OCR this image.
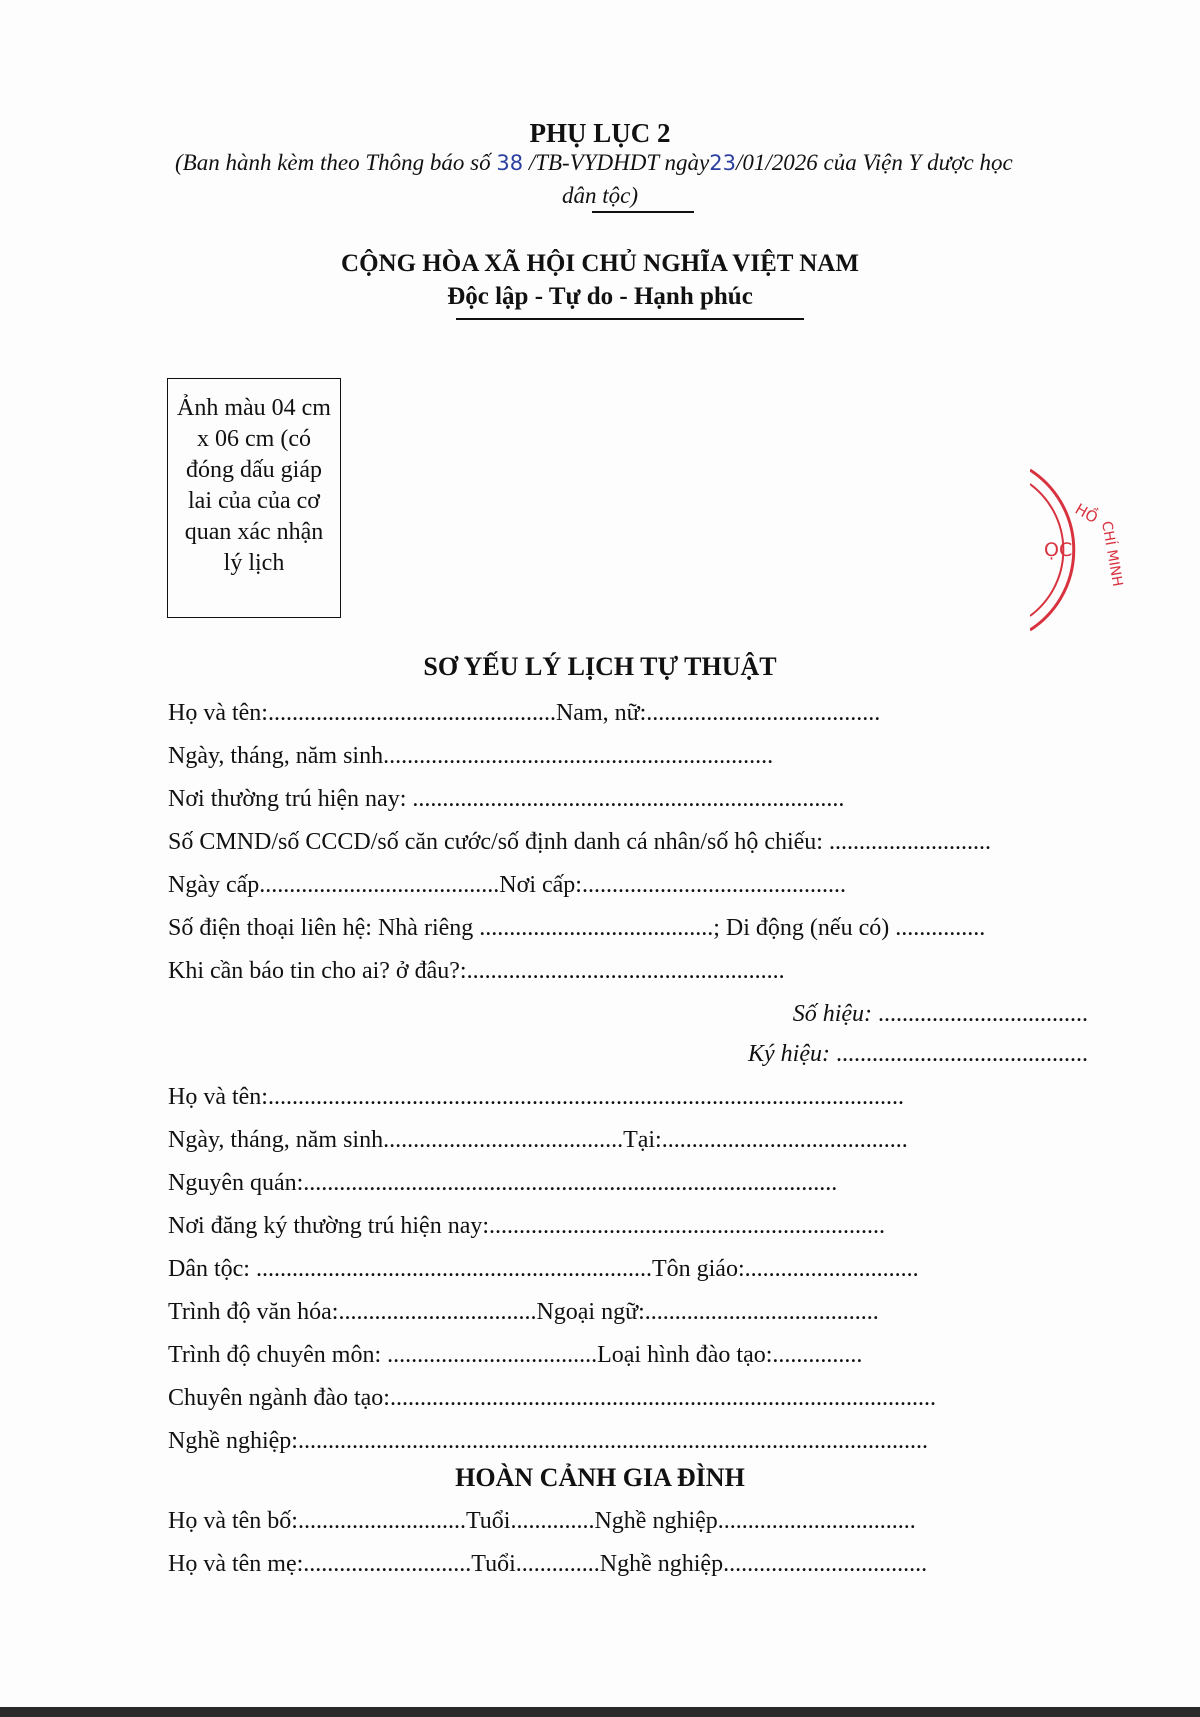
PHỤ LỤC 2
(Ban hành kèm theo Thông báo số 38 /TB-VYDHDT ngày23/01/2026 của Viện Y dược học
dân tộc)
CỘNG HÒA XÃ HỘI CHỦ NGHĨA VIỆT NAM
Độc lập - Tự do - Hạnh phúc
Ảnh màu 04 cm x 06 cm (có đóng dấu giáp lai của của cơ quan xác nhận lý lịch
HỒ
ỌC CHÍ MINH
SƠ YẾU LÝ LỊCH TỰ THUẬT
Họ và tên:................................................Nam, nữ:.......................................
Ngày, tháng, năm sinh.................................................................
Nơi thường trú hiện nay: ........................................................................
Số CMND/số CCCD/số căn cước/số định danh cá nhân/số hộ chiếu: ...........................
Ngày cấp........................................Nơi cấp:............................................
Số điện thoại liên hệ: Nhà riêng .......................................; Di động (nếu có) ...............
Khi cần báo tin cho ai? ở đâu?:.....................................................
Số hiệu: ...................................
Ký hiệu: ..........................................
Họ và tên:..........................................................................................................
Ngày, tháng, năm sinh........................................Tại:.........................................
Nguyên quán:.........................................................................................
Nơi đăng ký thường trú hiện nay:..................................................................
Dân tộc: ..................................................................Tôn giáo:.............................
Trình độ văn hóa:.................................Ngoại ngữ:.......................................
Trình độ chuyên môn: ...................................Loại hình đào tạo:...............
Chuyên ngành đào tạo:...........................................................................................
Nghề nghiệp:.........................................................................................................
HOÀN CẢNH GIA ĐÌNH
Họ và tên bố:............................Tuổi..............Nghề nghiệp.................................
Họ và tên mẹ:............................Tuổi..............Nghề nghiệp..................................
